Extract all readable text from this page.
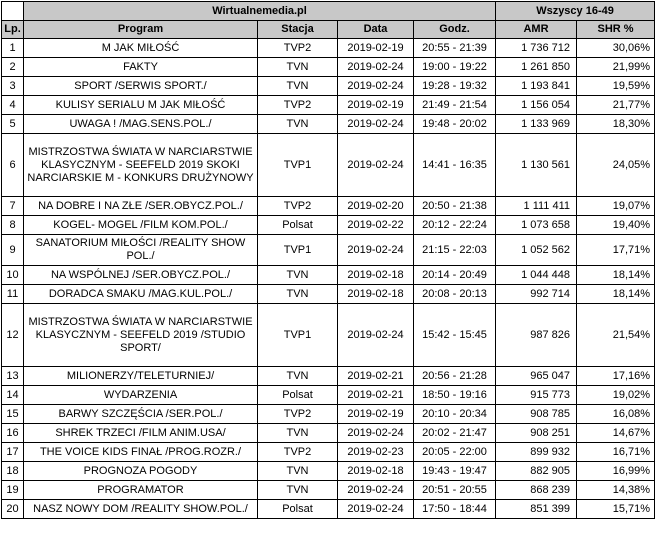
	Wirtualnemedia.pl				Wszyscy 16-49	
Lp.	Program	Stacja	Data	Godz.	AMR	SHR %
1	M JAK MIŁOŚĆ	TVP2	2019-02-19	20:55 - 21:39	1 736 712	30,06%
2	FAKTY	TVN	2019-02-24	19:00 - 19:22	1 261 850	21,99%
3	SPORT /SERWIS SPORT./	TVN	2019-02-24	19:28 - 19:32	1 193 841	19,59%
4	KULISY SERIALU M JAK MIŁOŚĆ	TVP2	2019-02-19	21:49 - 21:54	1 156 054	21,77%
5	UWAGA ! /MAG.SENS.POL./	TVN	2019-02-24	19:48 - 20:02	1 133 969	18,30%
6	MISTRZOSTWA ŚWIATA W NARCIARSTWIE KLASYCZNYM - SEEFELD 2019 SKOKI NARCIARSKIE M - KONKURS DRUŻYNOWY	TVP1	2019-02-24	14:41 - 16:35	1 130 561	24,05%
7	NA DOBRE I NA ZŁE /SER.OBYCZ.POL./	TVP2	2019-02-20	20:50 - 21:38	1 111 411	19,07%
8	KOGEL- MOGEL /FILM KOM.POL./	Polsat	2019-02-22	20:12 - 22:24	1 073 658	19,40%
9	SANATORIUM MIŁOŚCI /REALITY SHOW POL./	TVP1	2019-02-24	21:15 - 22:03	1 052 562	17,71%
10	NA WSPÓLNEJ /SER.OBYCZ.POL./	TVN	2019-02-18	20:14 - 20:49	1 044 448	18,14%
11	DORADCA SMAKU /MAG.KUL.POL./	TVN	2019-02-18	20:08 - 20:13	992 714	18,14%
12	MISTRZOSTWA ŚWIATA W NARCIARSTWIE KLASYCZNYM - SEEFELD 2019 /STUDIO SPORT/	TVP1	2019-02-24	15:42 - 15:45	987 826	21,54%
13	MILIONERZY/TELETURNIEJ/	TVN	2019-02-21	20:56 - 21:28	965 047	17,16%
14	WYDARZENIA	Polsat	2019-02-21	18:50 - 19:16	915 773	19,02%
15	BARWY SZCZĘŚCIA /SER.POL./	TVP2	2019-02-19	20:10 - 20:34	908 785	16,08%
16	SHREK TRZECI /FILM ANIM.USA/	TVN	2019-02-24	20:02 - 21:47	908 251	14,67%
17	THE VOICE KIDS FINAŁ /PROG.ROZR./	TVP2	2019-02-23	20:05 - 22:00	899 932	16,71%
18	PROGNOZA POGODY	TVN	2019-02-18	19:43 - 19:47	882 905	16,99%
19	PROGRAMATOR	TVN	2019-02-24	20:51 - 20:55	868 239	14,38%
20	NASZ NOWY DOM /REALITY SHOW.POL./	Polsat	2019-02-24	17:50 - 18:44	851 399	15,71%
